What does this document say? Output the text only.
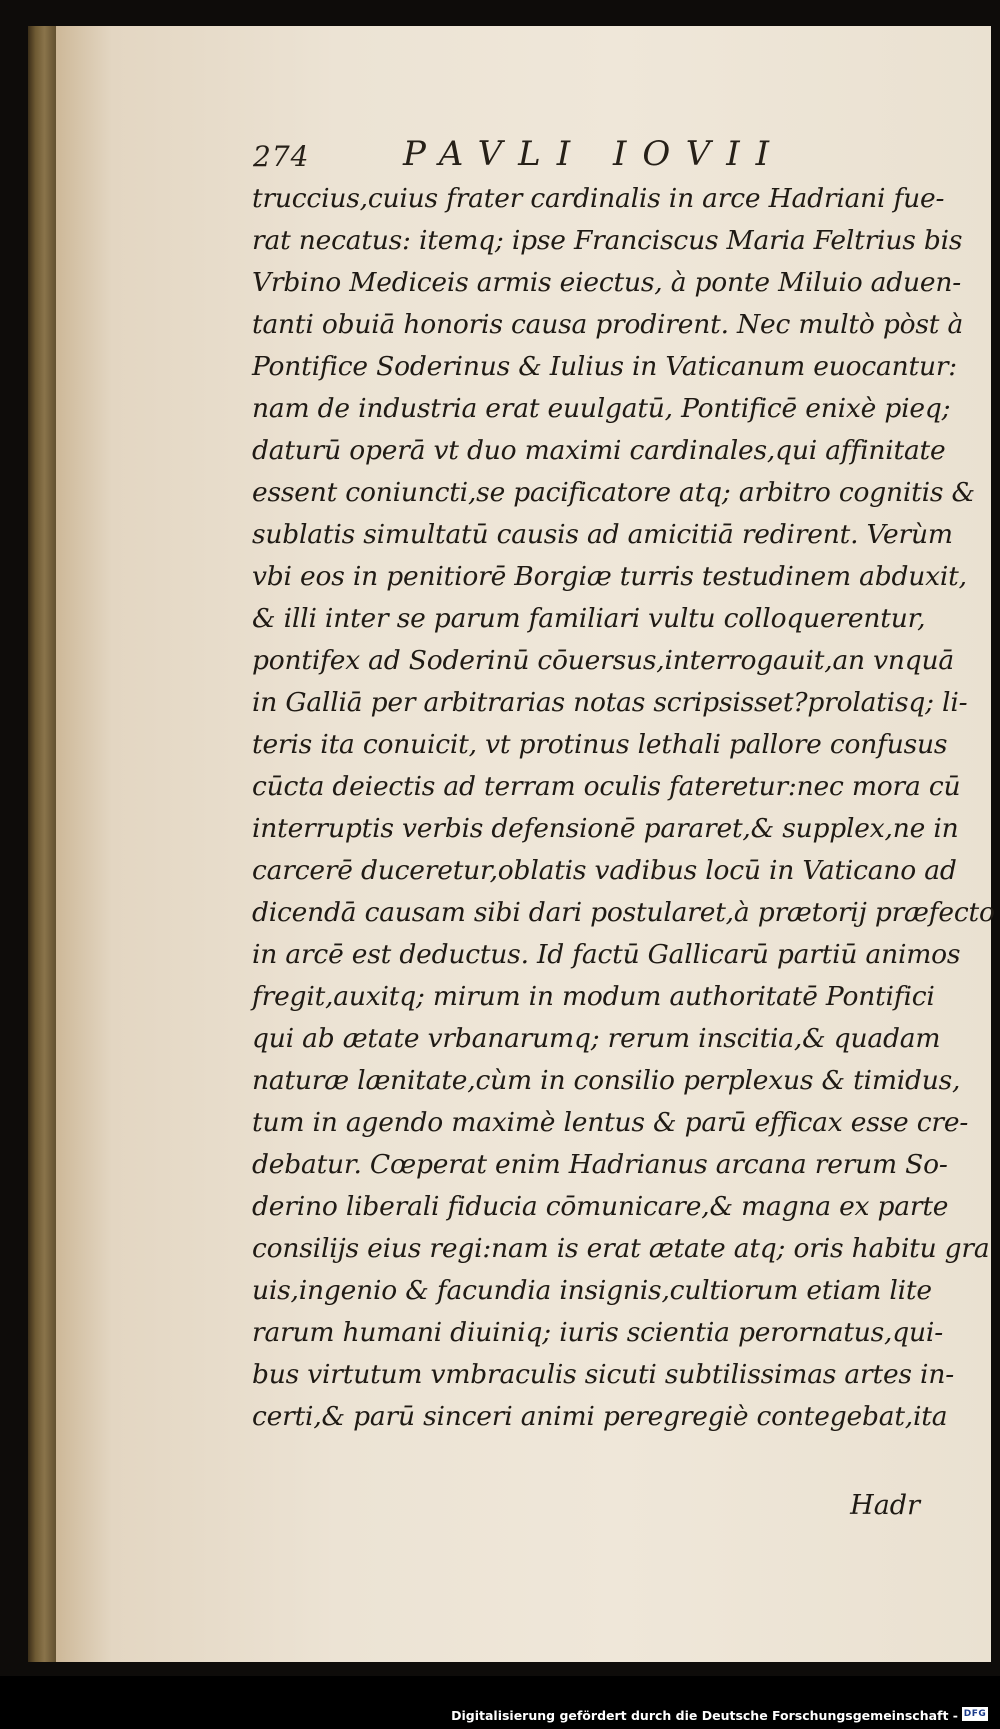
274	PAVLI IOVII
truccius,cuius frater cardinalis in arce Hadriani fue-
rat necatus: itemq; ipse Franciscus Maria Feltrius bis
Vrbino Mediceis armis eiectus, à ponte Miluio aduen-
tanti obuiā honoris causa prodirent. Nec multò pòst à
Pontifice Soderinus & Iulius in Vaticanum euocantur:
nam de industria erat euulgatū, Pontificē enixè pieq;
daturū operā vt duo maximi cardinales,qui affinitate
essent coniuncti,se pacificatore atq; arbitro cognitis &
sublatis simultatū causis ad amicitiā redirent. Verùm
vbi eos in penitiorē Borgiæ turris testudinem abduxit,
& illi inter se parum familiari vultu colloquerentur,
pontifex ad Soderinū cōuersus,interrogauit,an vnquā
in Galliā per arbitrarias notas scripsisset?prolatisq; li-
teris ita conuicit, vt protinus lethali pallore confusus
cūcta deiectis ad terram oculis fateretur:nec mora cū
interruptis verbis defensionē pararet,& supplex,ne in
carcerē duceretur,oblatis vadibus locū in Vaticano ad
dicendā causam sibi dari postularet,à prætorij præfecto
in arcē est deductus. Id factū Gallicarū partiū animos
fregit,auxitq; mirum in modum authoritatē Pontifici
qui ab ætate vrbanarumq; rerum inscitia,& quadam
naturæ lænitate,cùm in consilio perplexus & timidus,
tum in agendo maximè lentus & parū efficax esse cre-
debatur. Cœperat enim Hadrianus arcana rerum So-
derino liberali fiducia cōmunicare,& magna ex parte
consilijs eius regi:nam is erat ætate atq; oris habitu gra
uis,ingenio & facundia insignis,cultiorum etiam lite
rarum humani diuiniq; iuris scientia perornatus,qui-
bus virtutum vmbraculis sicuti subtilissimas artes in-
certi,& parū sinceri animi peregregiè contegebat,ita
Hadr
Digitalisierung gefördert durch die Deutsche Forschungsgemeinschaft - DFG
